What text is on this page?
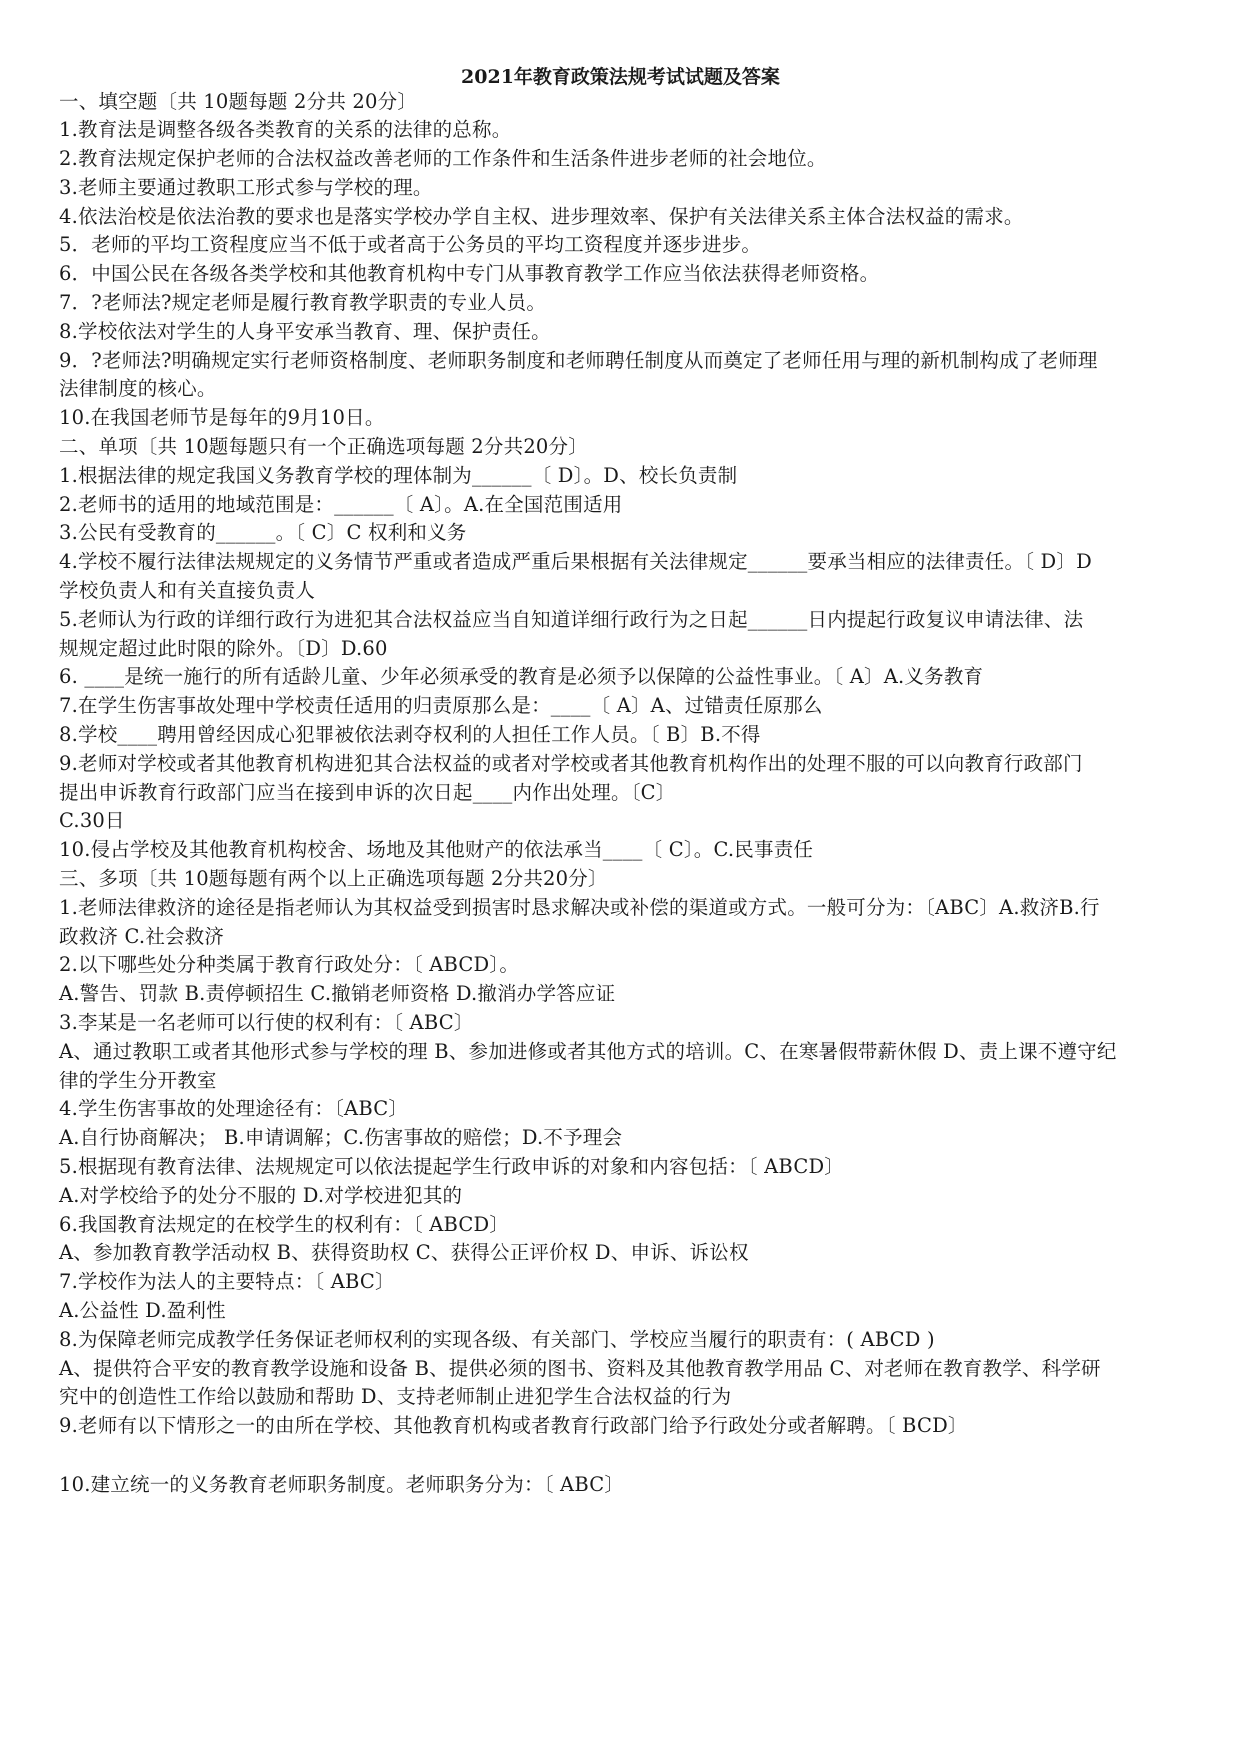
2021年教育政策法规考试试题及答案
一、填空题〔共 10题每题 2分共 20分〕
1.教育法是调整各级各类教育的关系的法律的总称。
2.教育法规定保护老师的合法权益改善老师的工作条件和生活条件进步老师的社会地位。
3.老师主要通过教职工形式参与学校的理。
4.依法治校是依法治教的要求也是落实学校办学自主权、进步理效率、保护有关法律关系主体合法权益的需求。
5．老师的平均工资程度应当不低于或者高于公务员的平均工资程度并逐步进步。
6．中国公民在各级各类学校和其他教育机构中专门从事教育教学工作应当依法获得老师资格。
7．?老师法?规定老师是履行教育教学职责的专业人员。
8.学校依法对学生的人身平安承当教育、理、保护责任。
9．?老师法?明确规定实行老师资格制度、老师职务制度和老师聘任制度从而奠定了老师任用与理的新机制构成了老师理
法律制度的核心。
10.在我国老师节是每年的9月10日。
二、单项〔共 10题每题只有一个正确选项每题 2分共20分〕
1.根据法律的规定我国义务教育学校的理体制为______〔 D〕。D、校长负责制
2.老师书的适用的地域范围是：______〔 A〕。A.在全国范围适用
3.公民有受教育的______。〔 C〕C 权利和义务
4.学校不履行法律法规规定的义务情节严重或者造成严重后果根据有关法律规定______要承当相应的法律责任。〔 D〕D
学校负责人和有关直接负责人
5.老师认为行政的详细行政行为进犯其合法权益应当自知道详细行政行为之日起______日内提起行政复议申请法律、法
规规定超过此时限的除外。〔D〕D.60
6. ____是统一施行的所有适龄儿童、少年必须承受的教育是必须予以保障的公益性事业。〔 A〕A.义务教育
7.在学生伤害事故处理中学校责任适用的归责原那么是：____〔 A〕A、过错责任原那么
8.学校____聘用曾经因成心犯罪被依法剥夺权利的人担任工作人员。〔 B〕B.不得
9.老师对学校或者其他教育机构进犯其合法权益的或者对学校或者其他教育机构作出的处理不服的可以向教育行政部门
提出申诉教育行政部门应当在接到申诉的次日起____内作出处理。〔C〕
C.30日
10.侵占学校及其他教育机构校舍、场地及其他财产的依法承当____〔 C〕。C.民事责任
三、多项〔共 10题每题有两个以上正确选项每题 2分共20分〕
1.老师法律救济的途径是指老师认为其权益受到损害时恳求解决或补偿的渠道或方式。一般可分为：〔ABC〕A.救济B.行
政救济 C.社会救济
2.以下哪些处分种类属于教育行政处分：〔 ABCD〕。
A.警告、罚款 B.责停顿招生 C.撤销老师资格 D.撤消办学答应证
3.李某是一名老师可以行使的权利有：〔 ABC〕
A、通过教职工或者其他形式参与学校的理 B、参加进修或者其他方式的培训。C、在寒暑假带薪休假 D、责上课不遵守纪
律的学生分开教室
4.学生伤害事故的处理途径有：〔ABC〕
A.自行协商解决； B.申请调解；C.伤害事故的赔偿；D.不予理会
5.根据现有教育法律、法规规定可以依法提起学生行政申诉的对象和内容包括：〔 ABCD〕
A.对学校给予的处分不服的 D.对学校进犯其的
6.我国教育法规定的在校学生的权利有：〔 ABCD〕
A、参加教育教学活动权 B、获得资助权 C、获得公正评价权 D、申诉、诉讼权
7.学校作为法人的主要特点：〔 ABC〕
A.公益性 D.盈利性
8.为保障老师完成教学任务保证老师权利的实现各级、有关部门、学校应当履行的职责有：( ABCD )
A、提供符合平安的教育教学设施和设备 B、提供必须的图书、资料及其他教育教学用品 C、对老师在教育教学、科学研
究中的创造性工作给以鼓励和帮助 D、支持老师制止进犯学生合法权益的行为
9.老师有以下情形之一的由所在学校、其他教育机构或者教育行政部门给予行政处分或者解聘。〔 BCD〕
10.建立统一的义务教育老师职务制度。老师职务分为：〔 ABC〕
